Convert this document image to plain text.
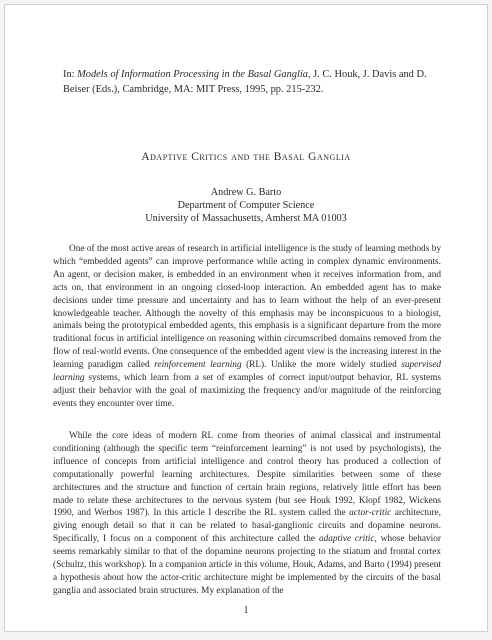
In: Models of Information Processing in the Basal Ganglia, J. C. Houk, J. Davis and D. Beiser (Eds.), Cambridge, MA: MIT Press, 1995, pp. 215-232.
Adaptive Critics and the Basal Ganglia
Andrew G. Barto
Department of Computer Science
University of Massachusetts, Amherst MA 01003

One of the most active areas of research in artificial intelligence is the study of learning methods by which “embedded agents” can improve performance while acting in complex dynamic environments. An agent, or decision maker, is embedded in an environment when it receives information from, and acts on, that environment in an ongoing closed-loop interaction. An embedded agent has to make decisions under time pressure and uncertainty and has to learn without the help of an ever-present knowledgeable teacher. Although the novelty of this emphasis may be inconspicuous to a biologist, animals being the prototypical embedded agents, this emphasis is a significant departure from the more traditional focus in artificial intelligence on reasoning within circumscribed domains removed from the flow of real-world events. One consequence of the embedded agent view is the increasing interest in the learning paradigm called reinforcement learning (RL). Unlike the more widely studied supervised learning systems, which learn from a set of examples of correct input/output behavior, RL systems adjust their behavior with the goal of maximizing the frequency and/or magnitude of the reinforcing events they encounter over time.

While the core ideas of modern RL come from theories of animal classical and instrumental conditioning (although the specific term “reinforcement learning” is not used by psychologists), the influence of concepts from artificial intelligence and control theory has produced a collection of computationally powerful learning architectures. Despite similarities between some of these architectures and the structure and function of certain brain regions, relatively little effort has been made to relate these architectures to the nervous system (but see Houk 1992, Klopf 1982, Wickens 1990, and Werbos 1987). In this article I describe the RL system called the actor-critic architecture, giving enough detail so that it can be related to basal-ganglionic circuits and dopamine neurons. Specifically, I focus on a component of this architecture called the adaptive critic, whose behavior seems remarkably similar to that of the dopamine neurons projecting to the stiatum and frontal cortex (Schultz, this workshop). In a companion article in this volume, Houk, Adams, and Barto (1994) present a hypothesis about how the actor-critic architecture might be implemented by the circuits of the basal ganglia and associated brain structures. My explanation of the

1
